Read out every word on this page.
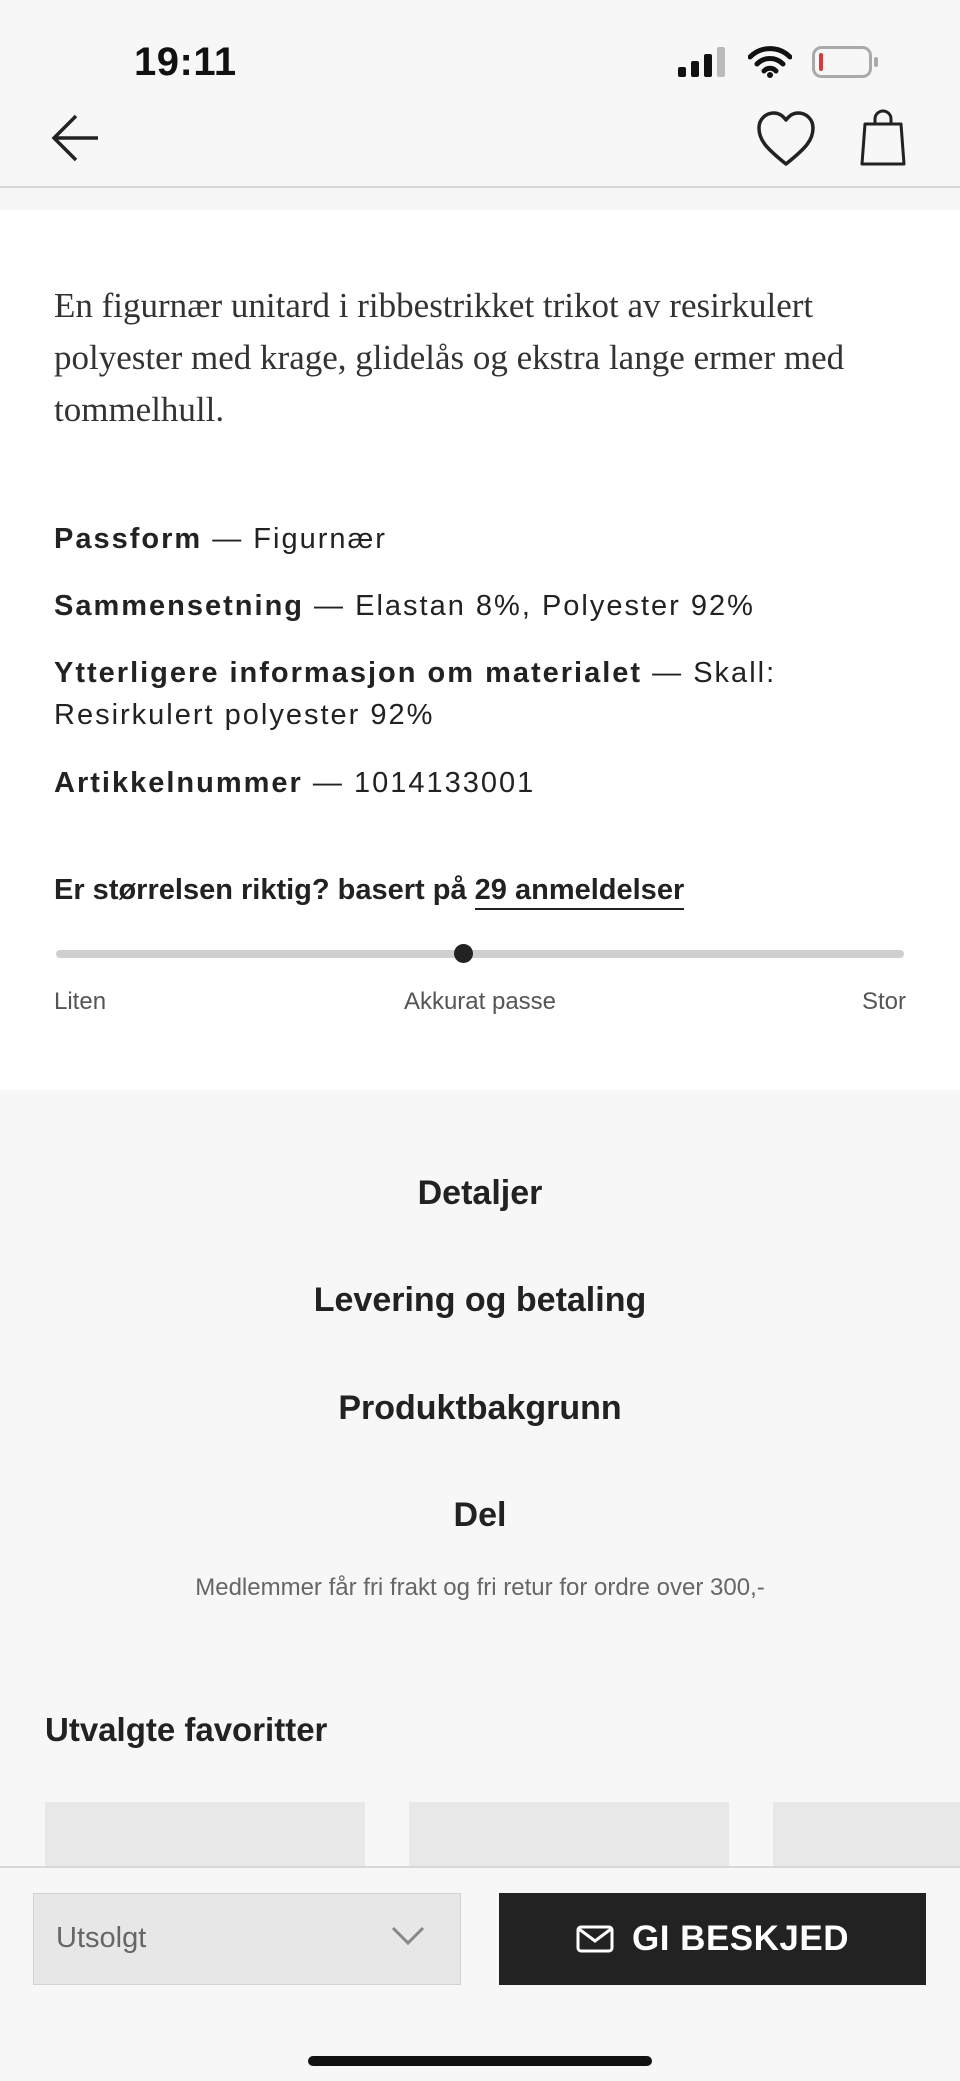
19:11

En figurnær unitard i ribbestrikket trikot av resirkulert polyester med krage, glidelås og ekstra lange ermer med tommelhull.

Passform — Figurnær
Sammensetning — Elastan 8%, Polyester 92%
Ytterligere informasjon om materialet — Skall: Resirkulert polyester 92%
Artikkelnummer — 1014133001
Er størrelsen riktig? basert på 29 anmeldelser
Liten	Akkurat passe	Stor
Detaljer
Levering og betaling
Produktbakgrunn
Del
Medlemmer får fri frakt og fri retur for ordre over 300,-
Utvalgte favoritter
Utsolgt	GI BESKJED
